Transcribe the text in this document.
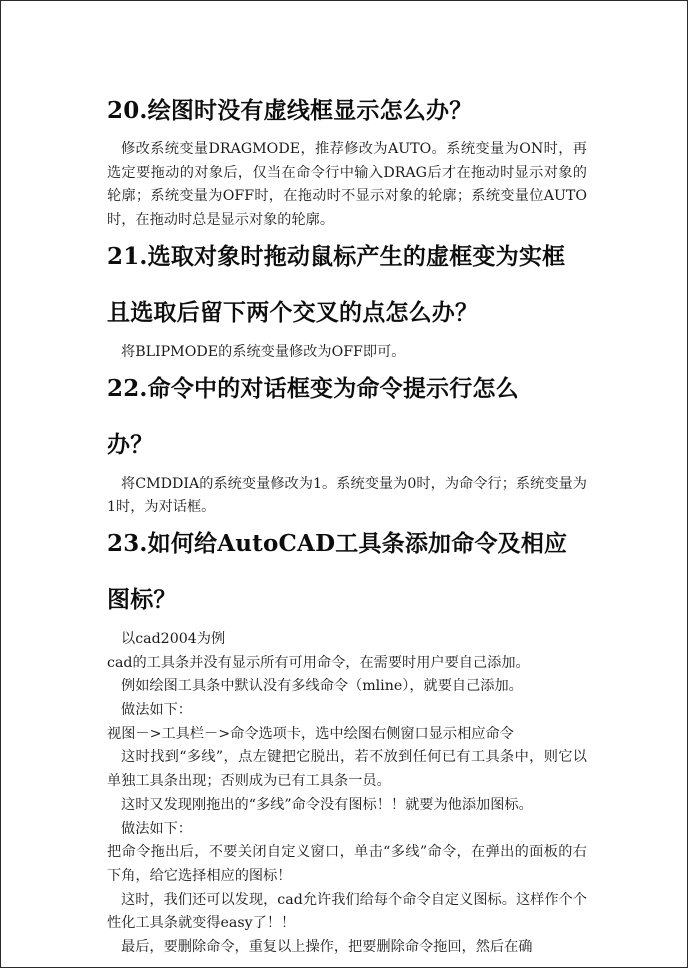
20.绘图时没有虚线框显示怎么办？

修改系统变量DRAGMODE，推荐修改为AUTO。系统变量为ON时，再选定要拖动的对象后，仅当在命令行中输入DRAG后才在拖动时显示对象的轮廓；系统变量为OFF时，在拖动时不显示对象的轮廓；系统变量位AUTO时，在拖动时总是显示对象的轮廓。

21.选取对象时拖动鼠标产生的虚框变为实框且选取后留下两个交叉的点怎么办？

将BLIPMODE的系统变量修改为OFF即可。

22.命令中的对话框变为命令提示行怎么办？

将CMDDIA的系统变量修改为1。系统变量为0时，为命令行；系统变量为1时，为对话框。

23.如何给AutoCAD工具条添加命令及相应图标？

以cad2004为例

cad的工具条并没有显示所有可用命令，在需要时用户要自己添加。

例如绘图工具条中默认没有多线命令（mline），就要自己添加。

做法如下：

视图－>工具栏－>命令选项卡，选中绘图右侧窗口显示相应命令

这时找到“多线”，点左键把它脱出，若不放到任何已有工具条中，则它以单独工具条出现；否则成为已有工具条一员。

这时又发现刚拖出的“多线”命令没有图标！！就要为他添加图标。

做法如下：

把命令拖出后，不要关闭自定义窗口，单击“多线”命令，在弹出的面板的右下角，给它选择相应的图标！

这时，我们还可以发现，cad允许我们给每个命令自定义图标。这样作个个性化工具条就变得easy了！！

最后，要删除命令，重复以上操作，把要删除命令拖回，然后在确
